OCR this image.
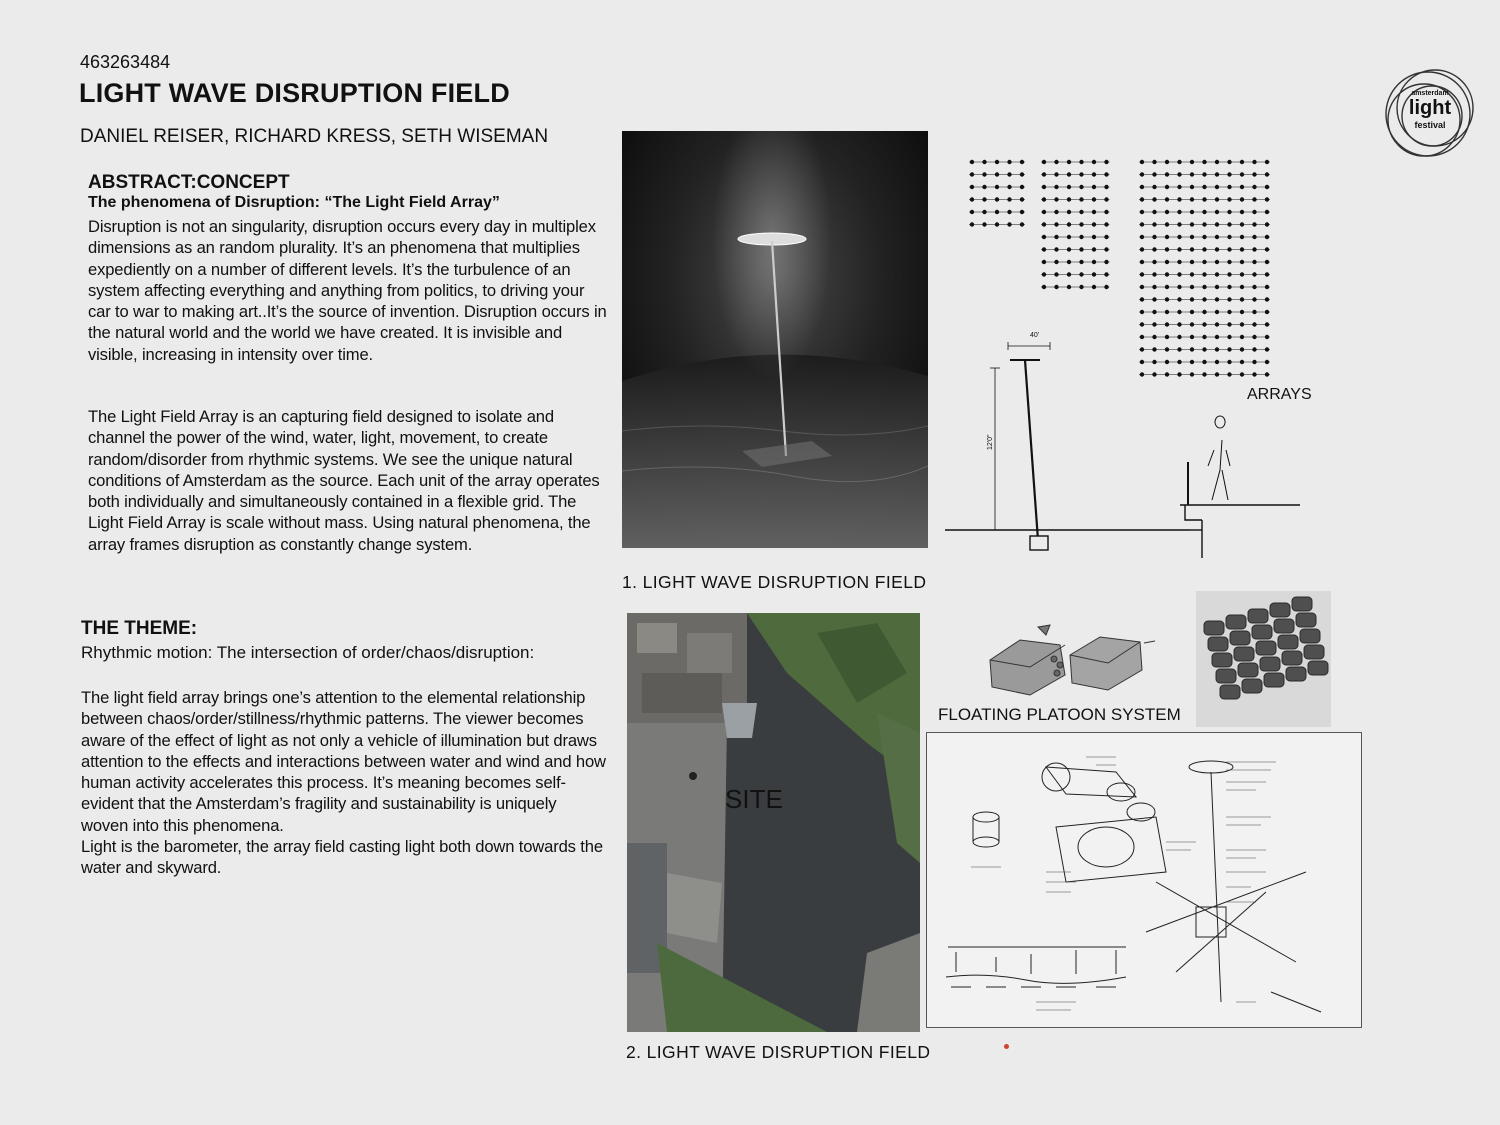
463263484
LIGHT WAVE DISRUPTION FIELD
DANIEL REISER, RICHARD KRESS, SETH WISEMAN
amsterdam
light
festival
ABSTRACT:CONCEPT
The phenomena of Disruption: “The Light Field Array”

Disruption is not an singularity, disruption occurs every day in multiplex dimensions as an random plurality. It’s an phenomena that multiplies expediently on a number of different levels. It’s the turbulence of an system affecting everything and anything from politics, to driving your car to war to making art..It’s the source of invention. Disruption occurs in the natural world and the world we have created. It is invisible and visible, increasing in intensity over time.

The Light Field Array is an capturing field designed to isolate and channel the power of the wind, water, light, movement, to create random/disorder from rhythmic systems. We see the unique natural conditions of Amsterdam as the source. Each unit of the array operates both individually and simultaneously contained in a flexible grid. The Light Field Array is scale without mass. Using natural phenomena, the array frames disruption as constantly change system.

THE THEME:
Rhythmic motion: The intersection of order/chaos/disruption:
The light field array brings one’s attention to the elemental relationship between chaos/order/stillness/rhythmic patterns. The viewer becomes aware of the effect of light as not only a vehicle of illumination but draws attention to the effects and interactions between water and wind and how human activity accelerates this process. It’s meaning becomes self-evident that the Amsterdam’s fragility and sustainability is uniquely woven into this phenomena.
Light is the barometer, the array field casting light both down towards the water and skyward.
1. LIGHT WAVE DISRUPTION FIELD
40'
12'0"
ARRAYS
SITE
2. LIGHT WAVE DISRUPTION FIELD
FLOATING PLATOON SYSTEM
